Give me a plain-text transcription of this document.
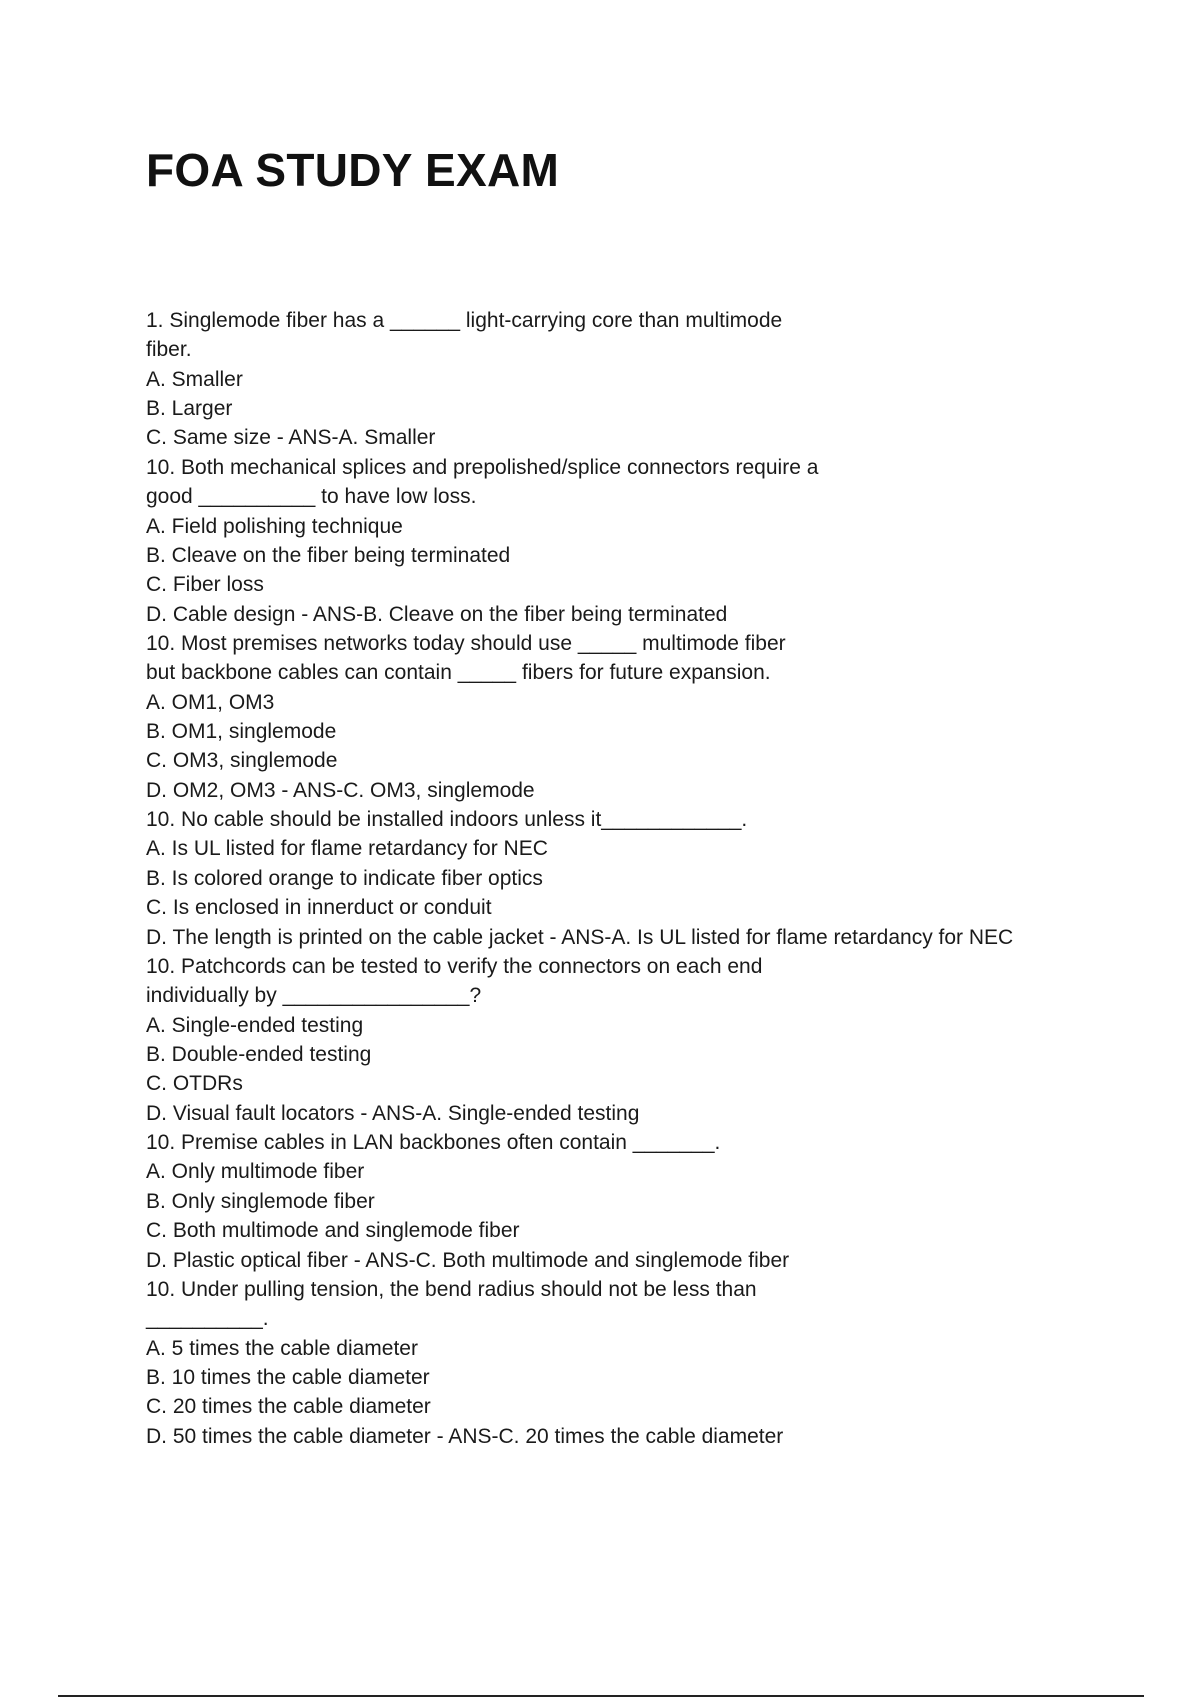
FOA STUDY EXAM
1. Singlemode fiber has a ______ light-carrying core than multimode
fiber.
A. Smaller
B. Larger
C. Same size - ANS-A. Smaller
10. Both mechanical splices and prepolished/splice connectors require a
good __________ to have low loss.
A. Field polishing technique
B. Cleave on the fiber being terminated
C. Fiber loss
D. Cable design - ANS-B. Cleave on the fiber being terminated
10. Most premises networks today should use _____ multimode fiber
but backbone cables can contain _____ fibers for future expansion.
A. OM1, OM3
B. OM1, singlemode
C. OM3, singlemode
D. OM2, OM3 - ANS-C. OM3, singlemode
10. No cable should be installed indoors unless it____________.
A. Is UL listed for flame retardancy for NEC
B. Is colored orange to indicate fiber optics
C. Is enclosed in innerduct or conduit
D. The length is printed on the cable jacket - ANS-A. Is UL listed for flame retardancy for NEC
10. Patchcords can be tested to verify the connectors on each end
individually by ________________?
A. Single-ended testing
B. Double-ended testing
C. OTDRs
D. Visual fault locators - ANS-A. Single-ended testing
10. Premise cables in LAN backbones often contain _______.
A. Only multimode fiber
B. Only singlemode fiber
C. Both multimode and singlemode fiber
D. Plastic optical fiber - ANS-C. Both multimode and singlemode fiber
10. Under pulling tension, the bend radius should not be less than
__________.
A. 5 times the cable diameter
B. 10 times the cable diameter
C. 20 times the cable diameter
D. 50 times the cable diameter - ANS-C. 20 times the cable diameter
